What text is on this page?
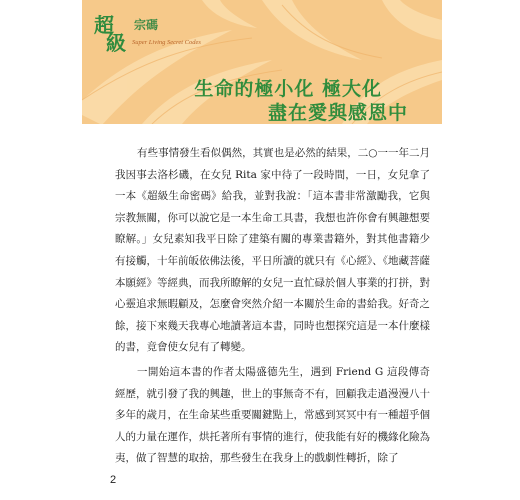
超
級
宗碼
Super Living Secret Codes
生命的極小化 極大化
盡在愛與感恩中

有些事情發生看似偶然，其實也是必然的結果，二○一一年二月我因事去洛杉磯，在女兒 Rita 家中待了一段時間，一日，女兒拿了一本《超級生命密碼》給我，並對我說：「這本書非常激勵我，它與宗教無關，你可以說它是一本生命工具書，我想也許你會有興趣想要瞭解。」女兒素知我平日除了建築有關的專業書籍外，對其他書籍少有接觸，十年前皈依佛法後，平日所讀的就只有《心經》、《地藏菩薩本願經》等經典，而我所瞭解的女兒一直忙碌於個人事業的打拼，對心靈追求無暇顧及，怎麼會突然介紹一本關於生命的書給我。好奇之餘，接下來幾天我專心地讀著這本書，同時也想探究這是一本什麼樣的書，竟會使女兒有了轉變。

一開始這本書的作者太陽盛德先生，遇到 Friend G 這段傳奇經歷，就引發了我的興趣，世上的事無奇不有，回顧我走過漫漫八十多年的歲月，在生命某些重要關鍵點上，常感到冥冥中有一種超乎個人的力量在運作，烘托著所有事情的進行，使我能有好的機緣化險為夷，做了智慧的取捨，那些發生在我身上的戲劇性轉折，除了

2
